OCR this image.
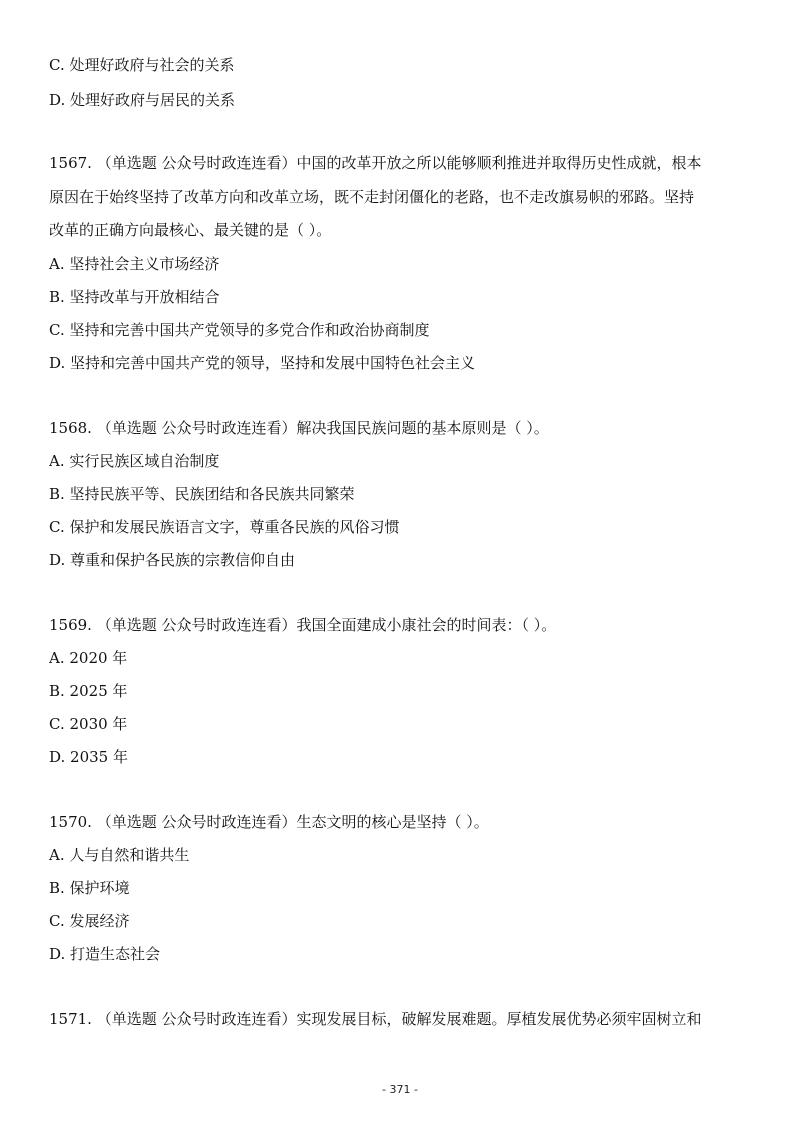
C. 处理好政府与社会的关系
D. 处理好政府与居民的关系
1567. （单选题 公众号时政连连看）中国的改革开放之所以能够顺利推进并取得历史性成就，根本
原因在于始终坚持了改革方向和改革立场，既不走封闭僵化的老路，也不走改旗易帜的邪路。坚持
改革的正确方向最核心、最关键的是（ ）。
A. 坚持社会主义市场经济
B. 坚持改革与开放相结合
C. 坚持和完善中国共产党领导的多党合作和政治协商制度
D. 坚持和完善中国共产党的领导，坚持和发展中国特色社会主义
1568. （单选题 公众号时政连连看）解决我国民族问题的基本原则是（ ）。
A. 实行民族区域自治制度
B. 坚持民族平等、民族团结和各民族共同繁荣
C. 保护和发展民族语言文字，尊重各民族的风俗习惯
D. 尊重和保护各民族的宗教信仰自由
1569. （单选题 公众号时政连连看）我国全面建成小康社会的时间表：（ ）。
A. 2020 年
B. 2025 年
C. 2030 年
D. 2035 年
1570. （单选题 公众号时政连连看）生态文明的核心是坚持（ ）。
A. 人与自然和谐共生
B. 保护环境
C. 发展经济
D. 打造生态社会
1571. （单选题 公众号时政连连看）实现发展目标，破解发展难题。厚植发展优势必须牢固树立和
- 371 -
